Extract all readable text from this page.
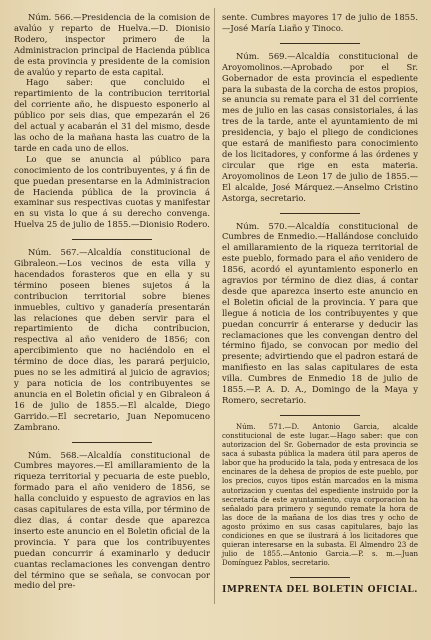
Núm. 566.—Presidencia de la comision de avalúo y reparto de Huelva.—D. Dionisio Rodero, inspector primero de la Administracion principal de Hacienda pública de esta provincia y presidente de la comision de avalúo y reparto de esta capital.

Hago saber: que concluido el repartimiento de la contribucion territorial del corriente año, he dispuesto esponerlo al público por seis dias, que empezarán el 26 del actual y acabarán el 31 del mismo, desde las ocho de la mañana hasta las cuatro de la tarde en cada uno de ellos.

Lo que se anuncia al público para conocimiento de los contribuyentes, y á fin de que puedan presentarse en la Administracion de Hacienda pública de la provincia á examinar sus respectivas cuotas y manifestar en su vista lo que á su derecho convenga. Huelva 25 de julio de 1855.—Dionisio Rodero.

Núm. 567.—Alcaldía constitucional de Gibraleon.—Los vecinos de esta villa y hacendados forasteros que en ella y su término poseen bienes sujetos á la contribucion territorial sobre bienes inmuebles, cultivo y ganadería presentarán las relaciones que deben servir para el repartimiento de dicha contribucion, respectiva al año venidero de 1856; con apercibimiento que no haciéndolo en el término de doce dias, les parará perjuicio, pues no se les admitirá al juicio de agravios; y para noticia de los contribuyentes se anuncia en el Boletin oficial y en Gibraleon á 16 de julio de 1855.—El alcalde, Diego Garrido.—El secretario, Juan Nepomuceno Zambrano.

Núm. 568.—Alcaldía constitucional de Cumbres mayores.—El amillaramiento de la riqueza territorial y pecuaria de este pueblo, formado para el año venidero de 1856, se halla concluido y espuesto de agravios en las casas capitulares de esta villa, por término de diez dias, á contar desde que aparezca inserto este anuncio en el Boletin oficial de la provincia. Y para que los contribuyentes puedan concurrir á examinarlo y deducir cuantas reclamaciones les convengan dentro del término que se señala, se convocan por medio del pre-

sente. Cumbres mayores 17 de julio de 1855.—José María Liaño y Tinoco.

Núm. 569.—Alcaldía constitucional de Aroyomolinos.—Aprobado por el Sr. Gobernador de esta provincia el espediente para la subasta de la corcha de estos propios, se anuncia su remate para el 31 del corriente mes de julio en las casas consistoriales, á las tres de la tarde, ante el ayuntamiento de mi presidencia, y bajo el pliego de condiciones que estará de manifiesto para conocimiento de los licitadores, y conforme á las órdenes y circular que rige en esta materia. Aroyomolinos de Leon 17 de julio de 1855.—El alcalde, José Márquez.—Anselmo Cristino Astorga, secretario.

Núm. 570.—Alcaldía constitucional de Cumbres de Enmedio.—Hallándose concluido el amillaramiento de la riqueza territorial de este pueblo, formado para el año venidero de 1856, acordó el ayuntamiento esponerlo en agravios por término de diez dias, á contar desde que aparezca inserto este anuncio en el Boletin oficial de la provincia. Y para que llegue á noticia de los contribuyentes y que puedan concurrir á enterarse y deducir las reclamaciones que les convengan dentro del término fijado, se convocan por medio del presente; advirtiendo que el padron estará de manifiesto en las salas capitulares de esta villa. Cumbres de Enmedio 18 de julio de 1855.—P. A. D. A., Domingo de la Maya y Romero, secretario.

Núm. 571.—D. Antonio Garcia, alcalde constitucional de este lugar.—Hago saber: que con autorizacion del Sr. Gobernador de esta provincia se saca á subasta pública la madera útil para aperos de labor que ha producido la tala, poda y entresaca de los encinares de la dehesa de propios de este pueblo, por los precios, cuyos tipos están marcados en la misma autorizacion y cuentas del espediente instruido por la secretaría de este ayuntamiento, cuya corporacion ha señalado para primero y segundo remate la hora de las doce de la mañana de los dias tres y ocho de agosto próximo en sus casas capitulares, bajo las condiciones en que se ilustrará á los licitadores que quieran interesarse en la subasta. El Almendro 23 de julio de 1855.—Antonio Garcia.—P. s. m.—Juan Domínguez Pablos, secretario.

IMPRENTA DEL BOLETIN OFICIAL.
